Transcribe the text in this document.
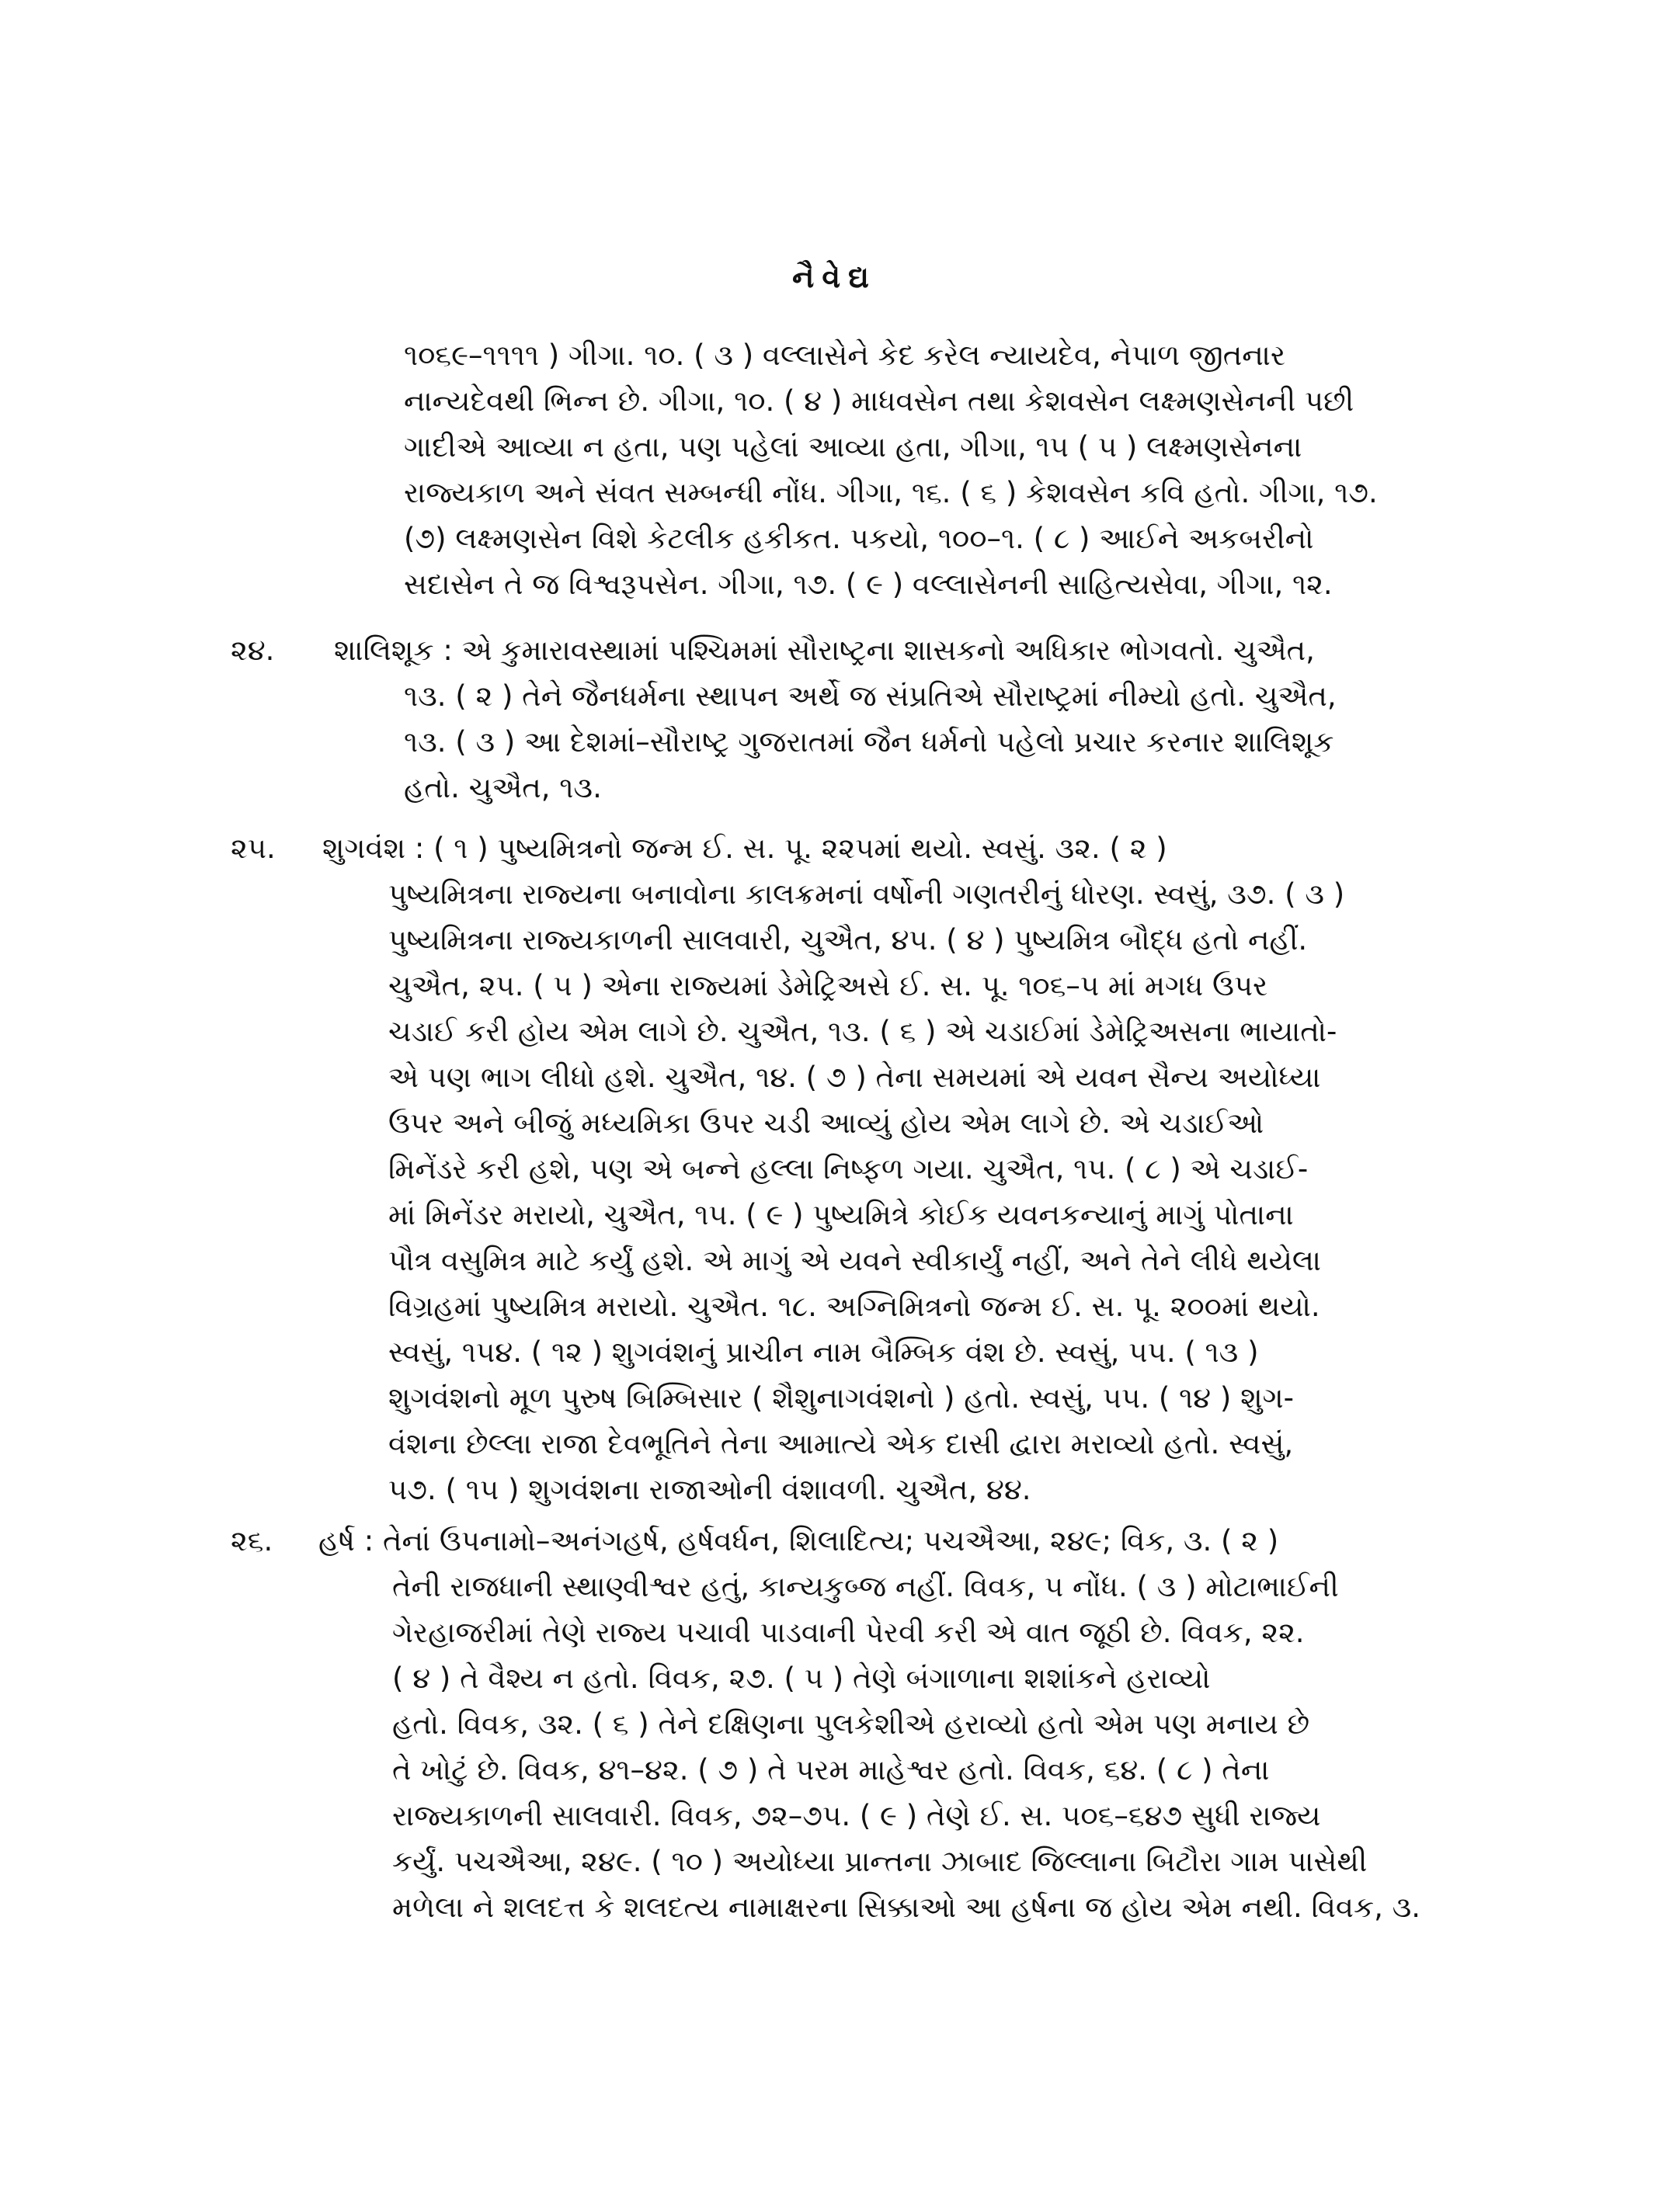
નૈવેદ્ય
૧૦૬૯–૧૧૧૧ ) ગીગા. ૧૦. ( ૩ ) વલ્લાસેને કેદ કરેલ ન્યાયદેવ, નેપાળ જીતનાર
નાન્યદેવથી ભિન્ન છે. ગીગા, ૧૦. ( ૪ ) માધવસેન તથા કેશવસેન લક્ષ્મણસેનની પછી
ગાદીએ આવ્યા ન હતા, પણ પહેલાં આવ્યા હતા, ગીગા, ૧૫ ( ૫ ) લક્ષ્મણસેનના
રાજ્યકાળ અને સંવત સમ્બન્ધી નોંધ. ગીગા, ૧૬. ( ૬ ) કેશવસેન કવિ હતો. ગીગા, ૧૭.
(૭) લક્ષ્મણસેન વિશે કેટલીક હકીકત. પકયો, ૧૦૦–૧. ( ૮ ) આઈને અકબરીનો
સદાસેન તે જ વિશ્વરૂપસેન. ગીગા, ૧૭. ( ૯ ) વલ્લાસેનની સાહિત્યસેવા, ગીગા, ૧૨.
૨૪. શાલિશૂક : એ કુમારાવસ્થામાં પશ્ચિમમાં સૌરાષ્ટ્રના શાસકનો અધિકાર ભોગવતો. ચુઐત,
૧૩. ( ૨ ) તેને જૈનધર્મના સ્થાપન અર્થે જ સંપ્રતિએ સૌરાષ્ટ્રમાં નીમ્યો હતો. ચુઐત,
૧૩. ( ૩ ) આ દેશમાં–સૌરાષ્ટ્ર ગુજરાતમાં જૈન ધર્મનો પહેલો પ્રચાર કરનાર શાલિશૂક
હતો. ચુઐત, ૧૩.
૨૫. શુગવંશ : ( ૧ ) પુષ્યમિત્રનો જન્મ ઈ. સ. પૂ. ૨૨૫માં થયો. સ્વસું. ૩૨. ( ૨ )
પુષ્યમિત્રના રાજ્યના બનાવોના કાલક્રમનાં વર્ષોની ગણતરીનું ધોરણ. સ્વસું, ૩૭. ( ૩ )
પુષ્યમિત્રના રાજ્યકાળની સાલવારી, ચુઐત, ૪૫. ( ૪ ) પુષ્યમિત્ર બૌદ્ધ હતો નહીં.
ચુઐત, ૨૫. ( ૫ ) એના રાજ્યમાં ડેમેટ્રિઅસે ઈ. સ. પૂ. ૧૦૬–૫ માં મગધ ઉપર
ચડાઈ કરી હોય એમ લાગે છે. ચુઐત, ૧૩. ( ૬ ) એ ચડાઈમાં ડેમેટ્રિઅસના ભાયાતો-
એ પણ ભાગ લીધો હશે. ચુઐત, ૧૪. ( ૭ ) તેના સમયમાં એ યવન સૈન્ય અયોધ્યા
ઉપર અને બીજું મધ્યમિકા ઉપર ચડી આવ્યું હોય એમ લાગે છે. એ ચડાઈઓ
મિનેંડરે કરી હશે, પણ એ બન્ને હલ્લા નિષ્ફળ ગયા. ચુઐત, ૧૫. ( ૮ ) એ ચડાઈ-
માં મિનેંડર મરાયો, ચુઐત, ૧૫. ( ૯ ) પુષ્યમિત્રે કોઈક યવનકન્યાનું માગું પોતાના
પૌત્ર વસુમિત્ર માટે કર્યું હશે. એ માગું એ યવને સ્વીકાર્યું નહીં, અને તેને લીધે થયેલા
વિગ્રહમાં પુષ્યમિત્ર મરાયો. ચુઐત. ૧૮. અગ્નિમિત્રનો જન્મ ઈ. સ. પૂ. ૨૦૦માં થયો.
સ્વસું, ૧૫૪. ( ૧૨ ) શુગવંશનું પ્રાચીન નામ બૈમ્બિક વંશ છે. સ્વસું, ૫૫. ( ૧૩ )
શુગવંશનો મૂળ પુરુષ બિમ્બિસાર ( શૈશુનાગવંશનો ) હતો. સ્વસું, ૫૫. ( ૧૪ ) શુગ-
વંશના છેલ્લા રાજા દેવભૂતિને તેના આમાત્યે એક દાસી દ્વારા મરાવ્યો હતો. સ્વસું,
૫૭. ( ૧૫ ) શુગવંશના રાજાઓની વંશાવળી. ચુઐત, ૪૪.
૨૬. હર્ષ : તેનાં ઉપનામો–અનંગહર્ષ, હર્ષવર્ધન, શિલાદિત્ય; પચઐઆ, ૨૪૯; વિક, ૩. ( ૨ )
તેની રાજધાની સ્થાણ્વીશ્વર હતું, કાન્યકુબ્જ નહીં. વિવક, ૫ નોંધ. ( ૩ ) મોટાભાઈની
ગેરહાજરીમાં તેણે રાજ્ય પચાવી પાડવાની પેરવી કરી એ વાત જૂઠી છે. વિવક, ૨૨.
( ૪ ) તે વૈશ્ય ન હતો. વિવક, ૨૭. ( ૫ ) તેણે બંગાળાના શશાંકને હરાવ્યો
હતો. વિવક, ૩૨. ( ૬ ) તેને દક્ષિણના પુલકેશીએ હરાવ્યો હતો એમ પણ મનાય છે
તે ખોટું છે. વિવક, ૪૧–૪૨. ( ૭ ) તે પરમ માહેશ્વર હતો. વિવક, ૬૪. ( ૮ ) તેના
રાજ્યકાળની સાલવારી. વિવક, ૭૨–૭૫. ( ૯ ) તેણે ઈ. સ. ૫૦૬–૬૪૭ સુધી રાજ્ય
કર્યું. પચઐઆ, ૨૪૯. ( ૧૦ ) અયોધ્યા પ્રાન્તના ઝાબાદ જિલ્લાના બિટૌરા ગામ પાસેથી
મળેલા ને શલદત્ત કે શલદત્ય નામાક્ષરના સિક્કાઓ આ હર્ષના જ હોય એમ નથી. વિવક, ૩.
